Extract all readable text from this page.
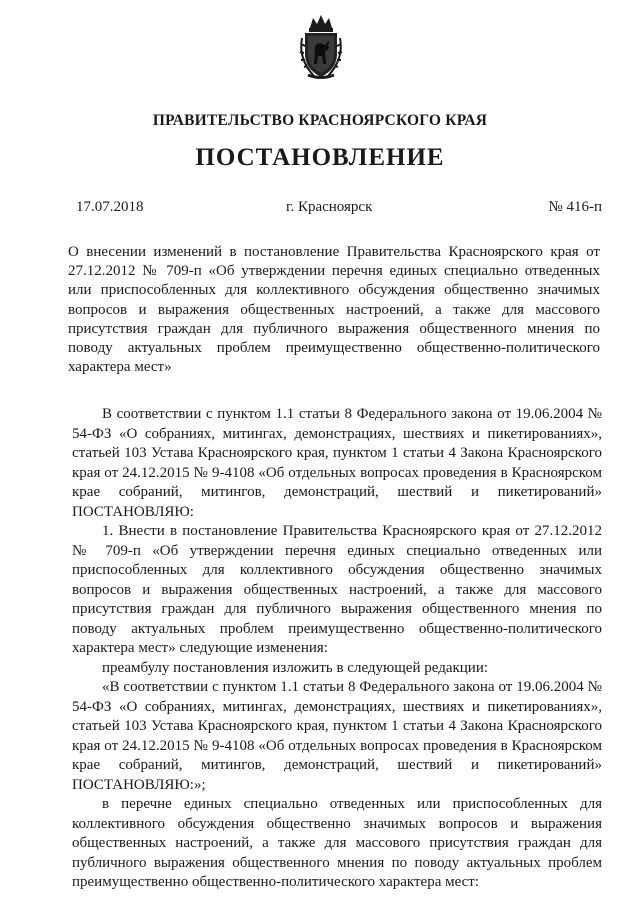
ПРАВИТЕЛЬСТВО КРАСНОЯРСКОГО КРАЯ
ПОСТАНОВЛЕНИЕ
17.07.2018	г. Красноярск	№ 416-п
О внесении изменений в постановление Правительства Красноярского края от 27.12.2012 № 709-п «Об утверждении перечня единых специально отведенных или приспособленных для коллективного обсуждения общественно значимых вопросов и выражения общественных настроений, а также для массового присутствия граждан для публичного выражения общественного мнения по поводу актуальных проблем преимущественно общественно-политического характера мест»

В соответствии с пунктом 1.1 статьи 8 Федерального закона от 19.06.2004 № 54-ФЗ «О собраниях, митингах, демонстрациях, шествиях и пикетированиях», статьей 103 Устава Красноярского края, пунктом 1 статьи 4 Закона Красноярского края от 24.12.2015 № 9-4108 «Об отдельных вопросах проведения в Красноярском крае собраний, митингов, демонстраций, шествий и пикетирований» ПОСТАНОВЛЯЮ:

1. Внести в постановление Правительства Красноярского края от 27.12.2012 № 709-п «Об утверждении перечня единых специально отведенных или приспособленных для коллективного обсуждения общественно значимых вопросов и выражения общественных настроений, а также для массового присутствия граждан для публичного выражения общественного мнения по поводу актуальных проблем преимущественно общественно-политического характера мест» следующие изменения:

преамбулу постановления изложить в следующей редакции:

«В соответствии с пунктом 1.1 статьи 8 Федерального закона от 19.06.2004 № 54-ФЗ «О собраниях, митингах, демонстрациях, шествиях и пикетированиях», статьей 103 Устава Красноярского края, пунктом 1 статьи 4 Закона Красноярского края от 24.12.2015 № 9-4108 «Об отдельных вопросах проведения в Красноярском крае собраний, митингов, демонстраций, шествий и пикетирований» ПОСТАНОВЛЯЮ:»;

в перечне единых специально отведенных или приспособленных для коллективного обсуждения общественно значимых вопросов и выражения общественных настроений, а также для массового присутствия граждан для публичного выражения общественного мнения по поводу актуальных проблем преимущественно общественно-политического характера мест:
